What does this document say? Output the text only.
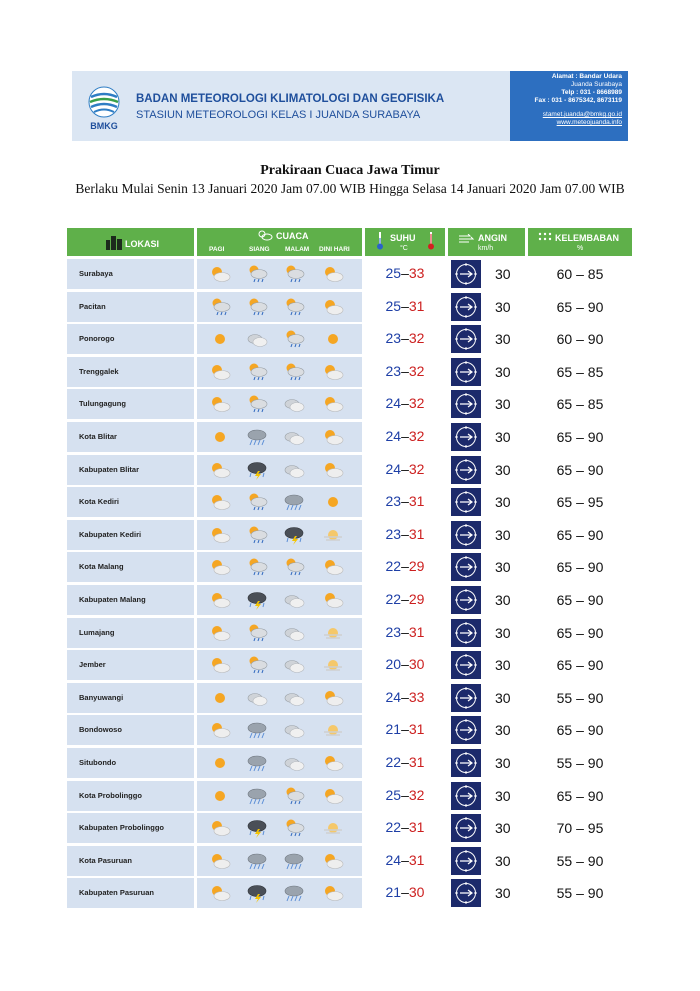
BMKG
BADAN METEOROLOGI KLIMATOLOGI DAN GEOFISIKA
STASIUN METEOROLOGI KELAS I JUANDA SURABAYA
Alamat : Bandar Udara
Juanda Surabaya
Telp : 031 - 8668989
Fax : 031 - 8675342, 8673119
stamet.juanda@bmkg.go.id
www.meteojuanda.info
Prakiraan Cuaca Jawa Timur
Berlaku Mulai Senin 13 Januari 2020 Jam 07.00 WIB Hingga Selasa 14 Januari 2020 Jam 07.00 WIB
LOKASI
CUACA
PAGI	SIANG MALAM DINI HARI
SUHU
°C
ANGIN
km/h
KELEMBABAN
%
Surabaya	25–33	30	60 – 85
Pacitan	25–31	30	65 – 90
Ponorogo	23–32	30	60 – 90
Trenggalek	23–32	30	65 – 85
Tulungagung	24–32	30	65 – 85
Kota Blitar	24–32	30	65 – 90
Kabupaten Blitar	24–32	30	65 – 90
Kota Kediri	23–31	30	65 – 95
Kabupaten Kediri	23–31	30	65 – 90
Kota Malang	22–29	30	65 – 90
Kabupaten Malang	22–29	30	65 – 90
Lumajang	23–31	30	65 – 90
Jember	20–30	30	65 – 90
Banyuwangi	24–33	30	55 – 90
Bondowoso	21–31	30	65 – 90
Situbondo	22–31	30	55 – 90
Kota Probolinggo	25–32	30	65 – 90
Kabupaten Probolinggo	22–31	30	70 – 95
Kota Pasuruan	24–31	30	55 – 90
Kabupaten Pasuruan	21–30	30	55 – 90
